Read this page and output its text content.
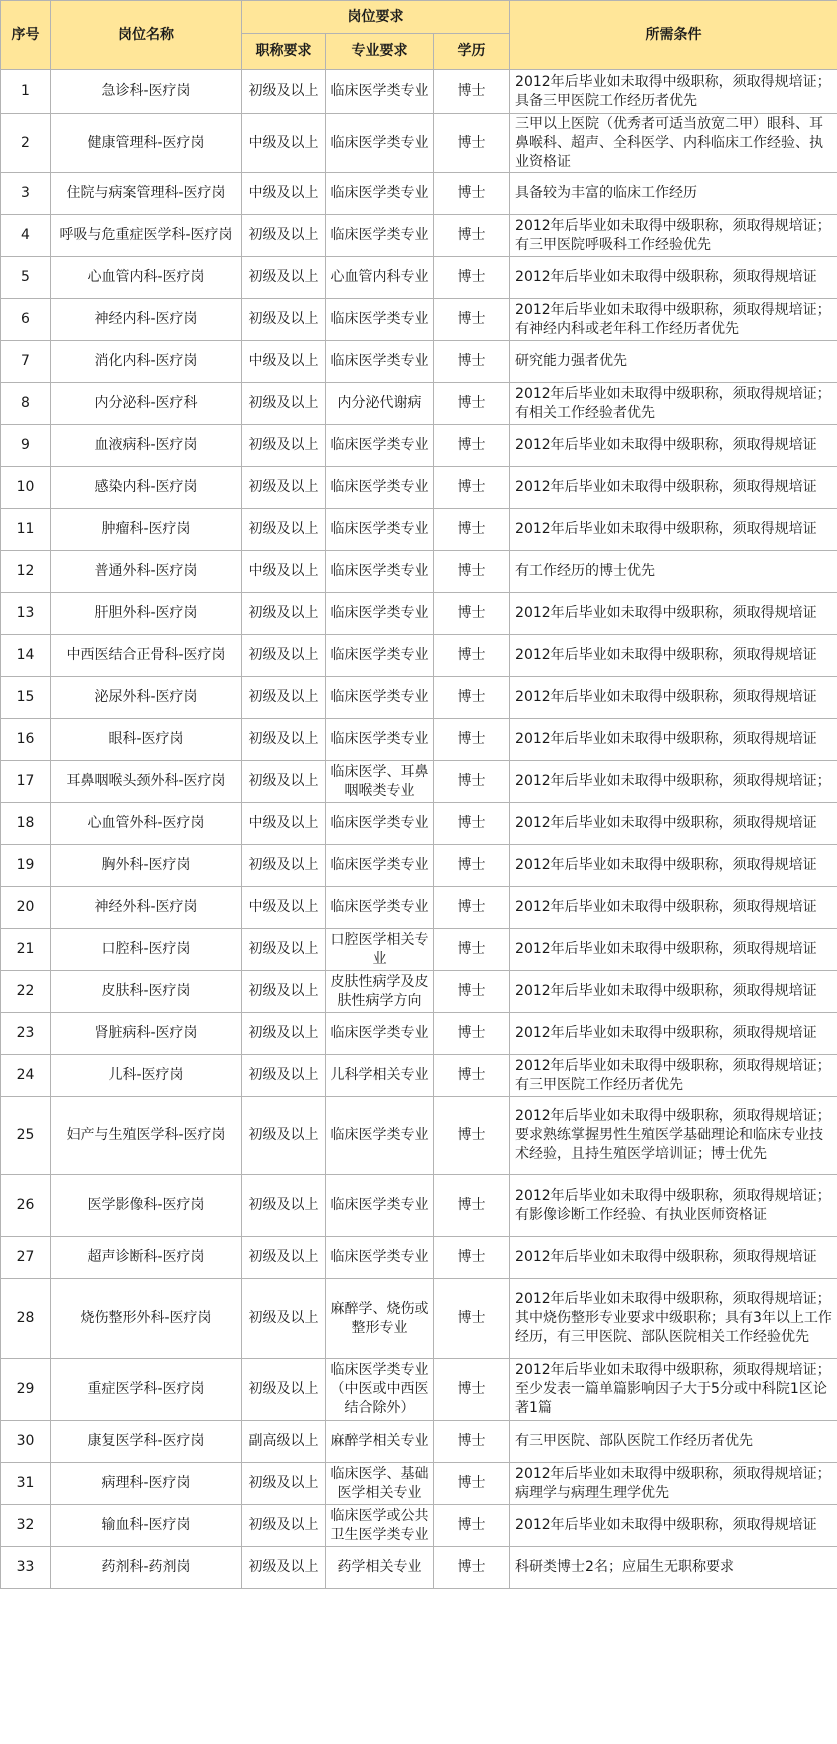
序号	岗位名称	岗位要求			所需条件
		职称要求	专业要求	学历	
1	急诊科-医疗岗	初级及以上	临床医学类专业	博士	2012年后毕业如未取得中级职称，须取得规培证；具备三甲医院工作经历者优先
2	健康管理科-医疗岗	中级及以上	临床医学类专业	博士	三甲以上医院（优秀者可适当放宽二甲）眼科、耳鼻喉科、超声、全科医学、内科临床工作经验、执业资格证
3	住院与病案管理科-医疗岗	中级及以上	临床医学类专业	博士	具备较为丰富的临床工作经历
4	呼吸与危重症医学科-医疗岗	初级及以上	临床医学类专业	博士	2012年后毕业如未取得中级职称，须取得规培证；有三甲医院呼吸科工作经验优先
5	心血管内科-医疗岗	初级及以上	心血管内科专业	博士	2012年后毕业如未取得中级职称，须取得规培证
6	神经内科-医疗岗	初级及以上	临床医学类专业	博士	2012年后毕业如未取得中级职称，须取得规培证；有神经内科或老年科工作经历者优先
7	消化内科-医疗岗	中级及以上	临床医学类专业	博士	研究能力强者优先
8	内分泌科-医疗科	初级及以上	内分泌代谢病	博士	2012年后毕业如未取得中级职称，须取得规培证；有相关工作经验者优先
9	血液病科-医疗岗	初级及以上	临床医学类专业	博士	2012年后毕业如未取得中级职称，须取得规培证
10	感染内科-医疗岗	初级及以上	临床医学类专业	博士	2012年后毕业如未取得中级职称，须取得规培证
11	肿瘤科-医疗岗	初级及以上	临床医学类专业	博士	2012年后毕业如未取得中级职称，须取得规培证
12	普通外科-医疗岗	中级及以上	临床医学类专业	博士	有工作经历的博士优先
13	肝胆外科-医疗岗	初级及以上	临床医学类专业	博士	2012年后毕业如未取得中级职称，须取得规培证
14	中西医结合正骨科-医疗岗	初级及以上	临床医学类专业	博士	2012年后毕业如未取得中级职称，须取得规培证
15	泌尿外科-医疗岗	初级及以上	临床医学类专业	博士	2012年后毕业如未取得中级职称，须取得规培证
16	眼科-医疗岗	初级及以上	临床医学类专业	博士	2012年后毕业如未取得中级职称，须取得规培证
17	耳鼻咽喉头颈外科-医疗岗	初级及以上	临床医学、耳鼻咽喉类专业	博士	2012年后毕业如未取得中级职称，须取得规培证；
18	心血管外科-医疗岗	中级及以上	临床医学类专业	博士	2012年后毕业如未取得中级职称，须取得规培证
19	胸外科-医疗岗	初级及以上	临床医学类专业	博士	2012年后毕业如未取得中级职称，须取得规培证
20	神经外科-医疗岗	中级及以上	临床医学类专业	博士	2012年后毕业如未取得中级职称，须取得规培证
21	口腔科-医疗岗	初级及以上	口腔医学相关专业	博士	2012年后毕业如未取得中级职称，须取得规培证
22	皮肤科-医疗岗	初级及以上	皮肤性病学及皮肤性病学方向	博士	2012年后毕业如未取得中级职称，须取得规培证
23	肾脏病科-医疗岗	初级及以上	临床医学类专业	博士	2012年后毕业如未取得中级职称，须取得规培证
24	儿科-医疗岗	初级及以上	儿科学相关专业	博士	2012年后毕业如未取得中级职称，须取得规培证；有三甲医院工作经历者优先
25	妇产与生殖医学科-医疗岗	初级及以上	临床医学类专业	博士	2012年后毕业如未取得中级职称，须取得规培证；要求熟练掌握男性生殖医学基础理论和临床专业技术经验，且持生殖医学培训证；博士优先
26	医学影像科-医疗岗	初级及以上	临床医学类专业	博士	2012年后毕业如未取得中级职称，须取得规培证；有影像诊断工作经验、有执业医师资格证
27	超声诊断科-医疗岗	初级及以上	临床医学类专业	博士	2012年后毕业如未取得中级职称，须取得规培证
28	烧伤整形外科-医疗岗	初级及以上	麻醉学、烧伤或整形专业	博士	2012年后毕业如未取得中级职称，须取得规培证；其中烧伤整形专业要求中级职称；具有3年以上工作经历，有三甲医院、部队医院相关工作经验优先
29	重症医学科-医疗岗	初级及以上	临床医学类专业（中医或中西医结合除外）	博士	2012年后毕业如未取得中级职称，须取得规培证；至少发表一篇单篇影响因子大于5分或中科院1区论著1篇
30	康复医学科-医疗岗	副高级以上	麻醉学相关专业	博士	有三甲医院、部队医院工作经历者优先
31	病理科-医疗岗	初级及以上	临床医学、基础医学相关专业	博士	2012年后毕业如未取得中级职称，须取得规培证；病理学与病理生理学优先
32	输血科-医疗岗	初级及以上	临床医学或公共卫生医学类专业	博士	2012年后毕业如未取得中级职称，须取得规培证
33	药剂科-药剂岗	初级及以上	药学相关专业	博士	科研类博士2名；应届生无职称要求
